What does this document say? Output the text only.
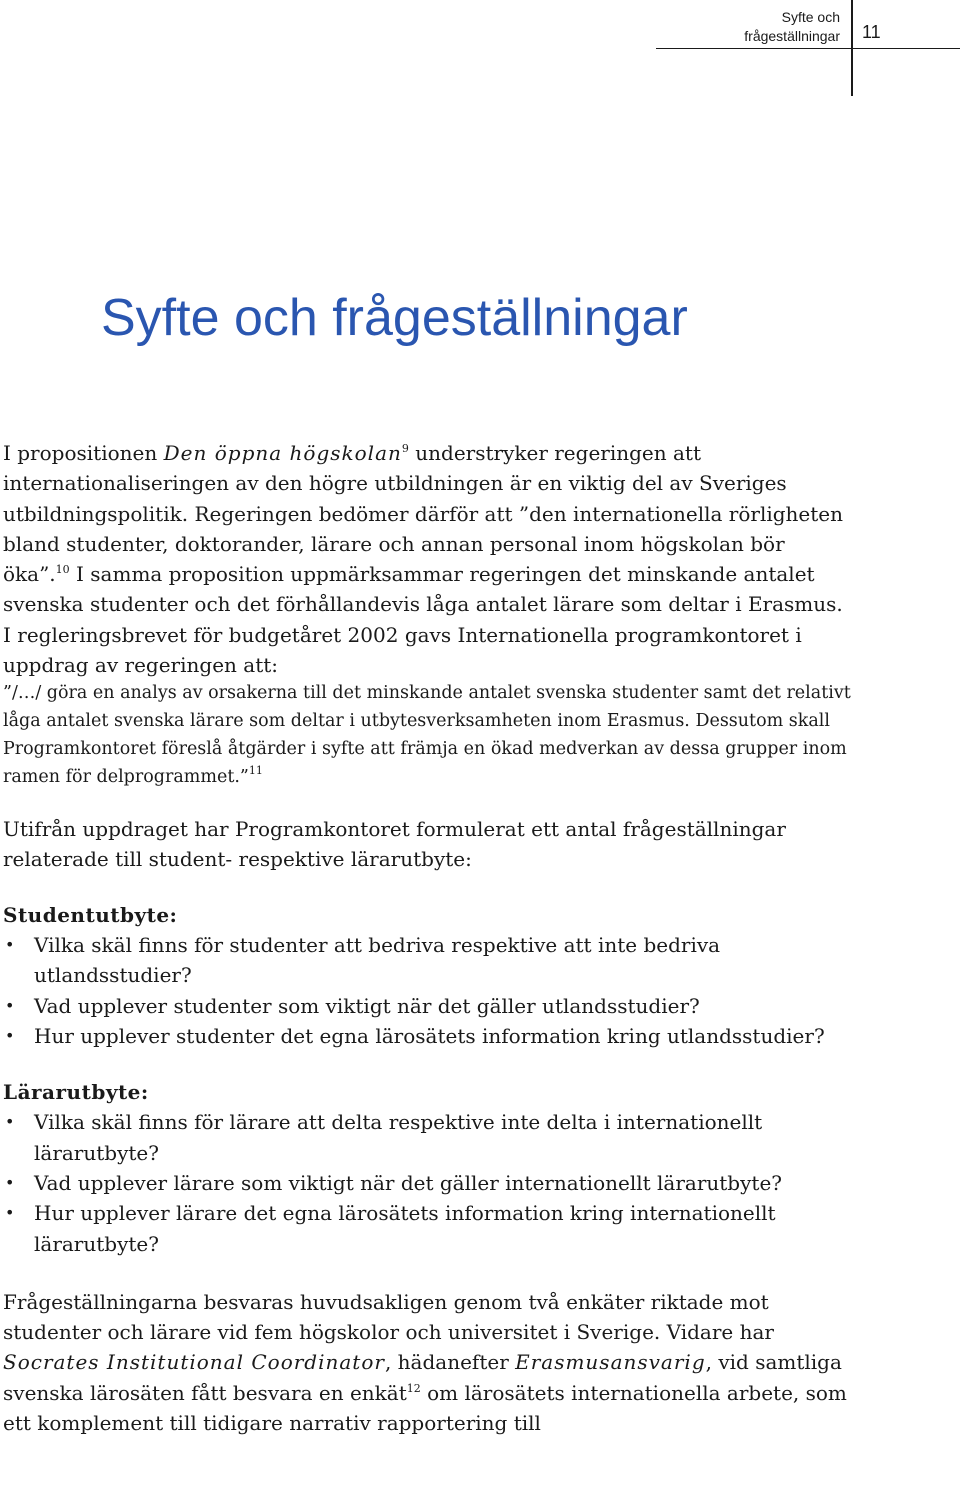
Syfte och
frågeställningar 11
Syfte och frågeställningar

I propositionen Den öppna högskolan$^9$ understryker regeringen att internationaliseringen av den högre utbildningen är en viktig del av Sveriges utbildningspolitik. Regeringen bedömer därför att ”den internationella rörligheten bland studenter, doktorander, lärare och annan personal inom högskolan bör öka”.$^{10}$ I samma proposition uppmärksammar regeringen det minskande antalet svenska studenter och det förhållandevis låga antalet lärare som deltar i Erasmus. I regleringsbrevet för budgetåret 2002 gavs Internationella programkontoret i uppdrag av regeringen att:

”/…/ göra en analys av orsakerna till det minskande antalet svenska studenter samt det relativt låga antalet svenska lärare som deltar i utbytesverksamheten inom Erasmus. Dessutom skall Programkontoret föreslå åtgärder i syfte att främja en ökad medverkan av dessa grupper inom ramen för delprogrammet.”$^{11}$

Utifrån uppdraget har Programkontoret formulerat ett antal frågeställningar relaterade till student- respektive lärarutbyte:

Studentutbyte:
• Vilka skäl finns för studenter att bedriva respektive att inte bedriva utlandsstudier?
• Vad upplever studenter som viktigt när det gäller utlandsstudier?
• Hur upplever studenter det egna lärosätets information kring utlandsstudier?
Lärarutbyte:
• Vilka skäl finns för lärare att delta respektive inte delta i internationellt lärarutbyte?
• Vad upplever lärare som viktigt när det gäller internationellt lärarutbyte?
• Hur upplever lärare det egna lärosätets information kring internationellt lärarutbyte?

Frågeställningarna besvaras huvudsakligen genom två enkäter riktade mot studenter och lärare vid fem högskolor och universitet i Sverige. Vidare har Socrates Institutional Coordinator, hädanefter Erasmusansvarig, vid samtliga svenska lärosäten fått besvara en enkät$^{12}$ om lärosätets internationella arbete, som ett komplement till tidigare narrativ rapportering till
